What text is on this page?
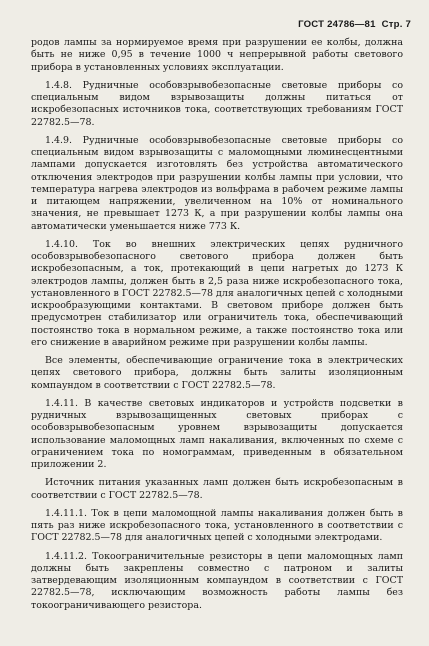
ГОСТ 24786—81 Стр. 7

родов лампы за нормируемое время при разрушении ее колбы, должна быть не ниже 0,95 в течение 1000 ч непрерывной работы светового прибора в установленных условиях эксплуатации.

1.4.8. Рудничные особовзрывобезопасные световые приборы со специальным видом взрывозащиты должны питаться от искробезопасных источников тока, соответствующих требованиям ГОСТ 22782.5—78.

1.4.9. Рудничные особовзрывобезопасные световые приборы со специальным видом взрывозащиты с маломощными люминесцентными лампами допускается изготовлять без устройства автоматического отключения электродов при разрушении колбы лампы при условии, что температура нагрева электродов из вольфрама в рабочем режиме лампы и питающем напряжении, увеличенном на 10% от номинального значения, не превышает 1273 К, а при разрушении колбы лампы она автоматически уменьшается ниже 773 К.

1.4.10. Ток во внешних электрических цепях рудничного особовзрывобезопасного светового прибора должен быть искробезопасным, а ток, протекающий в цепи нагретых до 1273 К электродов лампы, должен быть в 2,5 раза ниже искробезопасного тока, установленного в ГОСТ 22782.5—78 для аналогичных цепей с холодными искрообразующими контактами. В световом приборе должен быть предусмотрен стабилизатор или ограничитель тока, обеспечивающий постоянство тока в нормальном режиме, а также постоянство тока или его снижение в аварийном режиме при разрушении колбы лампы.

Все элементы, обеспечивающие ограничение тока в электрических цепях светового прибора, должны быть залиты изоляционным компаундом в соответствии с ГОСТ 22782.5—78.

1.4.11. В качестве световых индикаторов и устройств подсветки в рудничных взрывозащищенных световых приборах с особовзрывобезопасным уровнем взрывозащиты допускается использование маломощных ламп накаливания, включенных по схеме с ограничением тока по номограммам, приведенным в обязательном приложении 2.

Источник питания указанных ламп должен быть искробезопасным в соответствии с ГОСТ 22782.5—78.

1.4.11.1. Ток в цепи маломощной лампы накаливания должен быть в пять раз ниже искробезопасного тока, установленного в соответствии с ГОСТ 22782.5—78 для аналогичных цепей с холодными электродами.

1.4.11.2. Токоограничительные резисторы в цепи маломощных ламп должны быть закреплены совместно с патроном и залиты затвердевающим изоляционным компаундом в соответствии с ГОСТ 22782.5—78, исключающим возможность работы лампы без токоограничивающего резистора.
